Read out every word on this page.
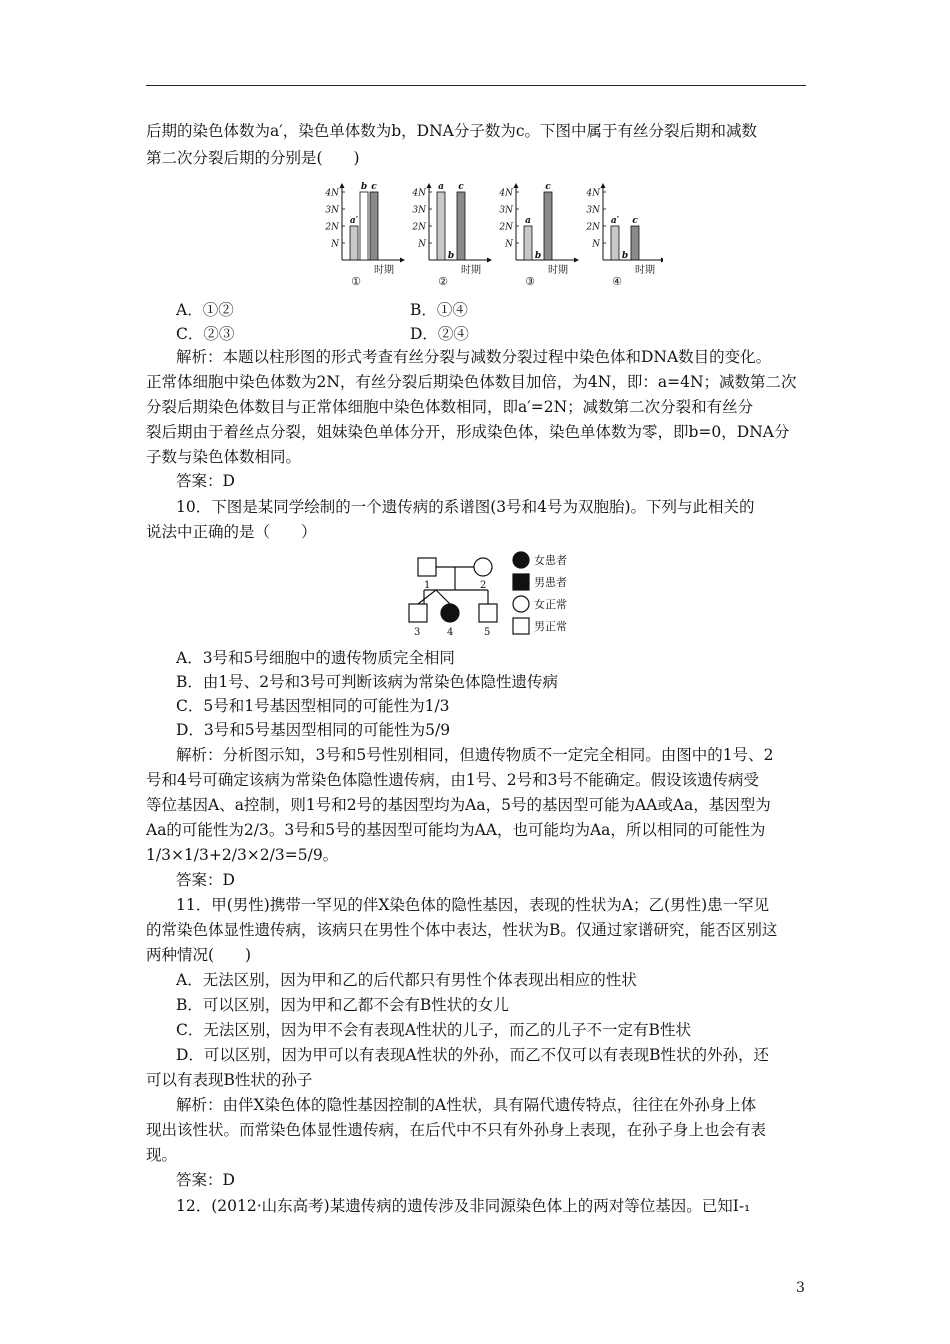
后期的染色体数为a′，染色单体数为b，DNA分子数为c。下图中属于有丝分裂后期和减数
第二次分裂后期的分别是(　　)
N
2N
3N
4N
a′
b c
时期
①
N
2N
3N
4N
a
b
c
时期
②
N
2N
3N
4N
a
b
c
时期
③
N
2N
3N
4N
a′
b
c
时期
④
A．①②	B．①④
C．②③	D．②④
解析：本题以柱形图的形式考查有丝分裂与减数分裂过程中染色体和DNA数目的变化。
正常体细胞中染色体数为2N，有丝分裂后期染色体数目加倍，为4N，即：a=4N；减数第二次
分裂后期染色体数目与正常体细胞中染色体数相同，即a′=2N；减数第二次分裂和有丝分
裂后期由于着丝点分裂，姐妹染色单体分开，形成染色体，染色单体数为零，即b=0，DNA分
子数与染色体数相同。
答案：D
10．下图是某同学绘制的一个遗传病的系谱图(3号和4号为双胞胎)。下列与此相关的
说法中正确的是（　　）
1	2
3	4	5
女患者
男患者
女正常
男正常
A．3号和5号细胞中的遗传物质完全相同
B．由1号、2号和3号可判断该病为常染色体隐性遗传病
C．5号和1号基因型相同的可能性为1/3
D．3号和5号基因型相同的可能性为5/9
解析：分析图示知，3号和5号性别相同，但遗传物质不一定完全相同。由图中的1号、2
号和4号可确定该病为常染色体隐性遗传病，由1号、2号和3号不能确定。假设该遗传病受
等位基因A、a控制，则1号和2号的基因型均为Aa，5号的基因型可能为AA或Aa，基因型为
Aa的可能性为2/3。3号和5号的基因型可能均为AA，也可能均为Aa，所以相同的可能性为
1/3×1/3+2/3×2/3=5/9。
答案：D
11．甲(男性)携带一罕见的伴X染色体的隐性基因，表现的性状为A；乙(男性)患一罕见
的常染色体显性遗传病，该病只在男性个体中表达，性状为B。仅通过家谱研究，能否区别这
两种情况(　　)
A．无法区别，因为甲和乙的后代都只有男性个体表现出相应的性状
B．可以区别，因为甲和乙都不会有B性状的女儿
C．无法区别，因为甲不会有表现A性状的儿子，而乙的儿子不一定有B性状
D．可以区别，因为甲可以有表现A性状的外孙，而乙不仅可以有表现B性状的外孙，还
可以有表现B性状的孙子
解析：由伴X染色体的隐性基因控制的A性状，具有隔代遗传特点，往往在外孙身上体
现出该性状。而常染色体显性遗传病，在后代中不只有外孙身上表现，在孙子身上也会有表
现。
答案：D
12．(2012·山东高考)某遗传病的遗传涉及非同源染色体上的两对等位基因。已知Ⅰ-₁
3
